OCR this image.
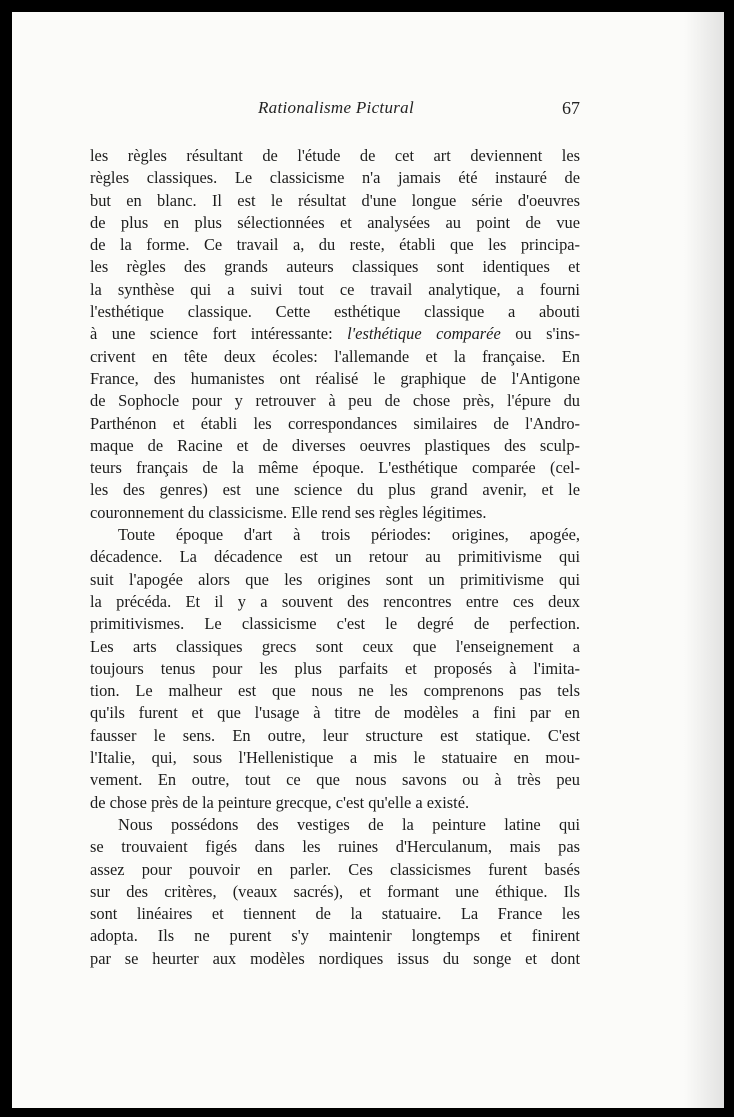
Rationalisme Pictural	67
les règles résultant de l'étude de cet art deviennent les
règles classiques. Le classicisme n'a jamais été instauré de
but en blanc. Il est le résultat d'une longue série d'oeuvres
de plus en plus sélectionnées et analysées au point de vue
de la forme. Ce travail a, du reste, établi que les principa-
les règles des grands auteurs classiques sont identiques et
la synthèse qui a suivi tout ce travail analytique, a fourni
l'esthétique classique. Cette esthétique classique a abouti
à une science fort intéressante: l'esthétique comparée ou s'ins-
crivent en tête deux écoles: l'allemande et la française. En
France, des humanistes ont réalisé le graphique de l'Antigone
de Sophocle pour y retrouver à peu de chose près, l'épure du
Parthénon et établi les correspondances similaires de l'Andro-
maque de Racine et de diverses oeuvres plastiques des sculp-
teurs français de la même époque. L'esthétique comparée (cel-
les des genres) est une science du plus grand avenir, et le
couronnement du classicisme. Elle rend ses règles légitimes.
Toute époque d'art à trois périodes: origines, apogée,
décadence. La décadence est un retour au primitivisme qui
suit l'apogée alors que les origines sont un primitivisme qui
la précéda. Et il y a souvent des rencontres entre ces deux
primitivismes. Le classicisme c'est le degré de perfection.
Les arts classiques grecs sont ceux que l'enseignement a
toujours tenus pour les plus parfaits et proposés à l'imita-
tion. Le malheur est que nous ne les comprenons pas tels
qu'ils furent et que l'usage à titre de modèles a fini par en
fausser le sens. En outre, leur structure est statique. C'est
l'Italie, qui, sous l'Hellenistique a mis le statuaire en mou-
vement. En outre, tout ce que nous savons ou à très peu
de chose près de la peinture grecque, c'est qu'elle a existé.
Nous possédons des vestiges de la peinture latine qui
se trouvaient figés dans les ruines d'Herculanum, mais pas
assez pour pouvoir en parler. Ces classicismes furent basés
sur des critères, (veaux sacrés), et formant une éthique. Ils
sont linéaires et tiennent de la statuaire. La France les
adopta. Ils ne purent s'y maintenir longtemps et finirent
par se heurter aux modèles nordiques issus du songe et dont
